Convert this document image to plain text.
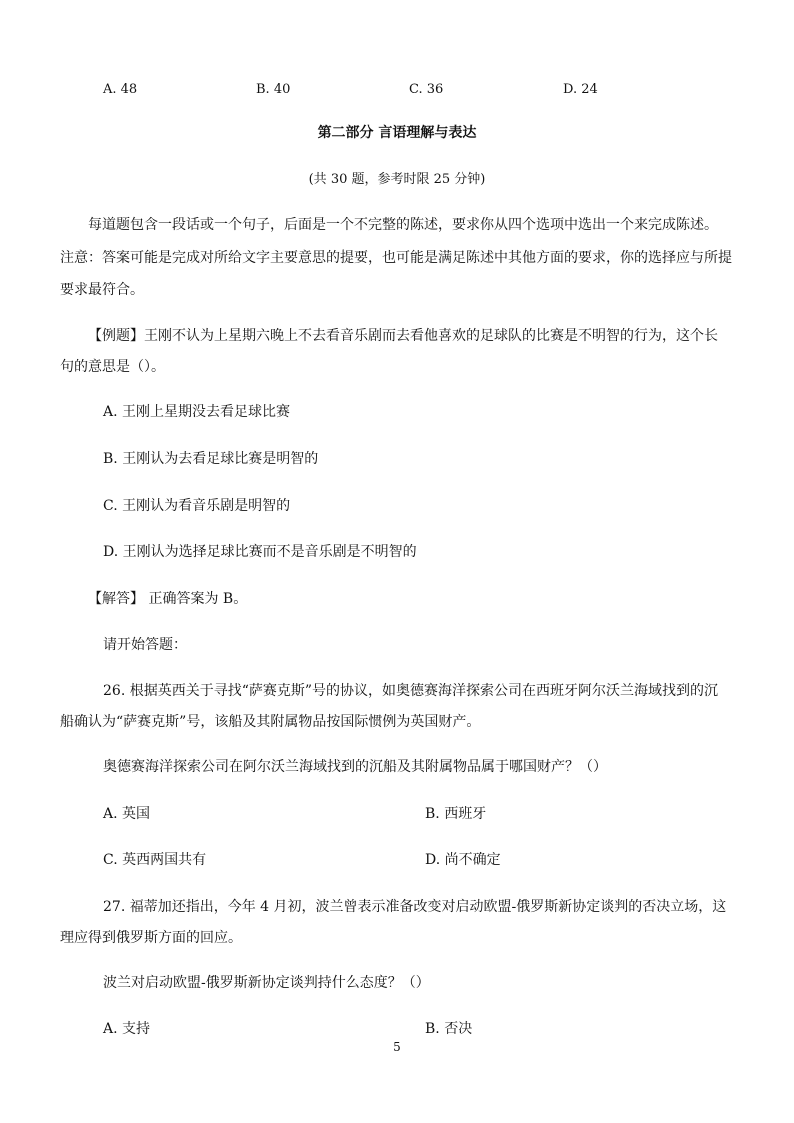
A. 48	B. 40	C. 36	D. 24
第二部分 言语理解与表达
(共 30 题，参考时限 25 分钟)
每道题包含一段话或一个句子，后面是一个不完整的陈述，要求你从四个选项中选出一个来完成陈述。
注意：答案可能是完成对所给文字主要意思的提要，也可能是满足陈述中其他方面的要求，你的选择应与所提
要求最符合。
【例题】王刚不认为上星期六晚上不去看音乐剧而去看他喜欢的足球队的比赛是不明智的行为，这个长
句的意思是（）。
A. 王刚上星期没去看足球比赛
B. 王刚认为去看足球比赛是明智的
C. 王刚认为看音乐剧是明智的
D. 王刚认为选择足球比赛而不是音乐剧是不明智的
【解答】 正确答案为 B。
请开始答题：
26. 根据英西关于寻找“萨赛克斯”号的协议，如奥德赛海洋探索公司在西班牙阿尔沃兰海域找到的沉
船确认为“萨赛克斯”号，该船及其附属物品按国际惯例为英国财产。
奥德赛海洋探索公司在阿尔沃兰海域找到的沉船及其附属物品属于哪国财产？（）
A. 英国	B. 西班牙
C. 英西两国共有	D. 尚不确定
27. 福蒂加还指出，今年 4 月初，波兰曾表示准备改变对启动欧盟-俄罗斯新协定谈判的否决立场，这
理应得到俄罗斯方面的回应。
波兰对启动欧盟-俄罗斯新协定谈判持什么态度？（）
A. 支持	B. 否决
5
